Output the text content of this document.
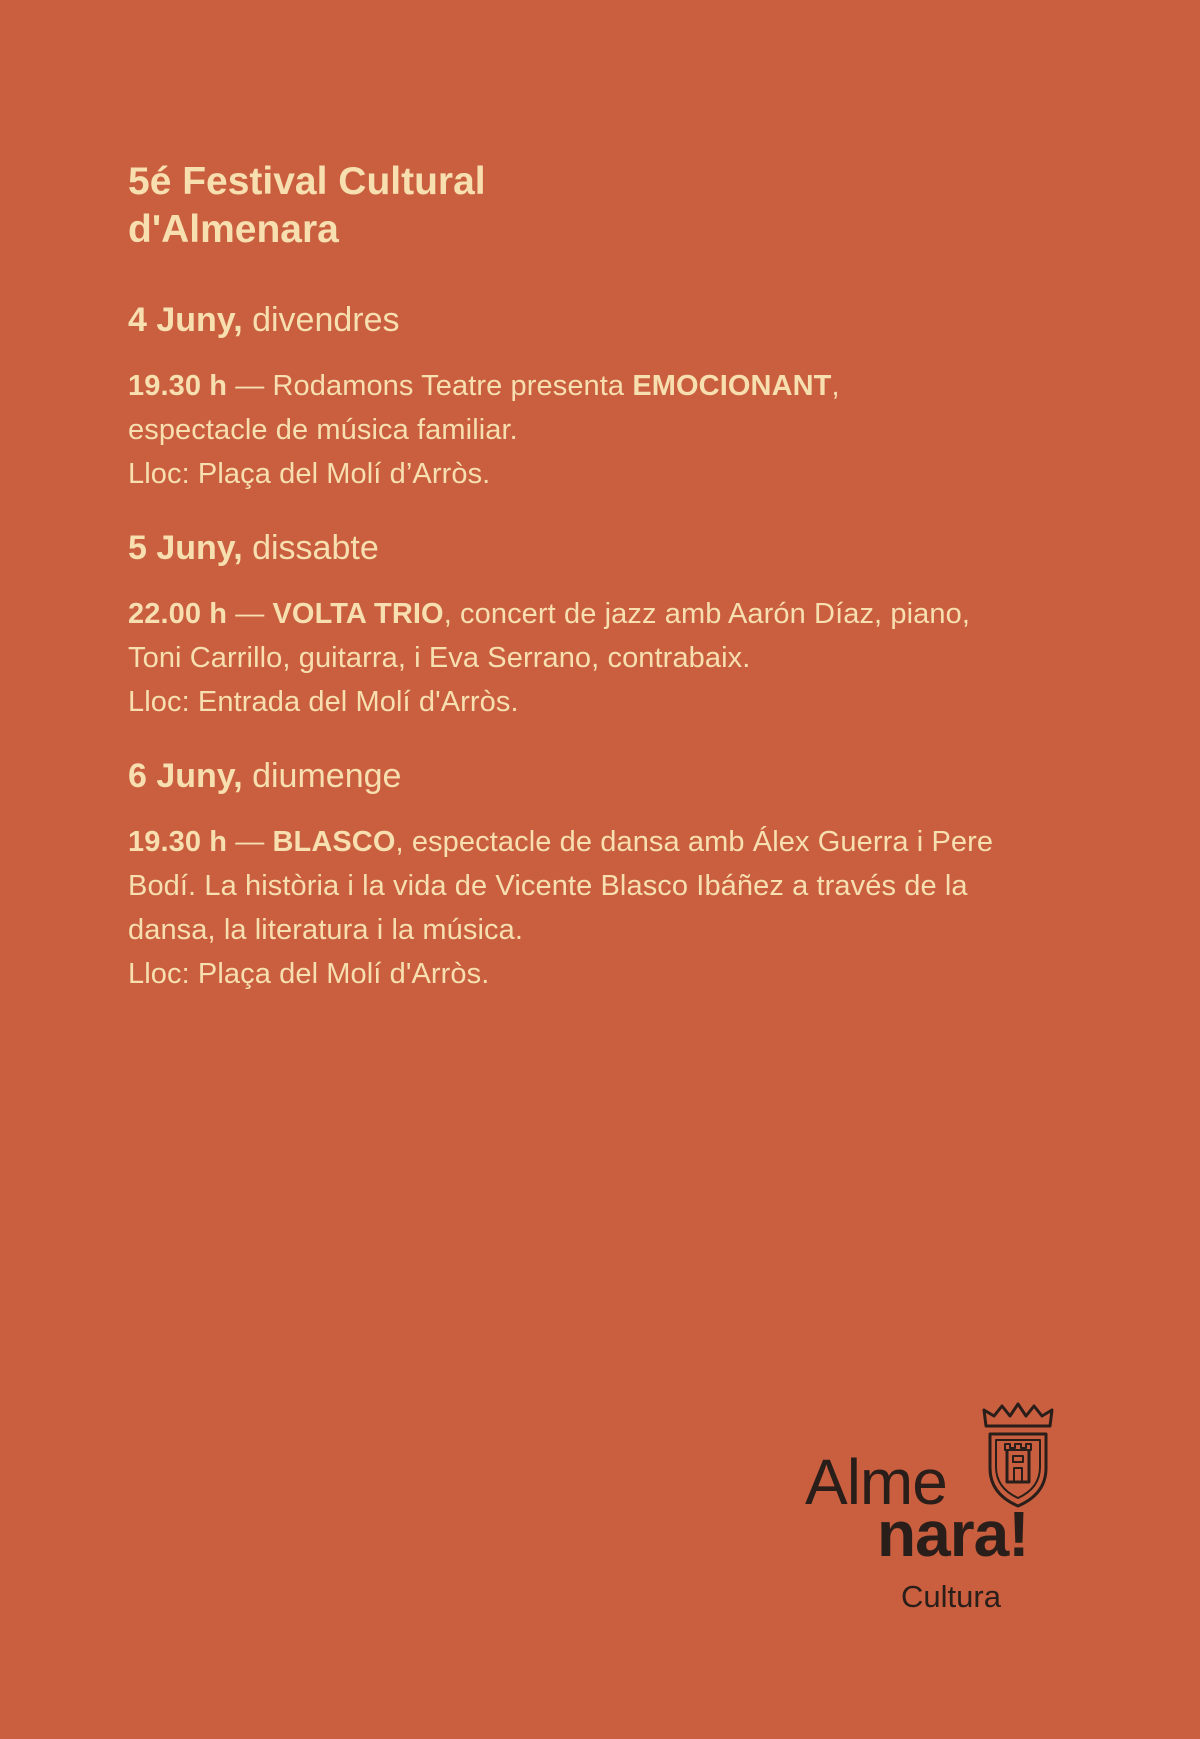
5é Festival Cultural
d'Almenara
4 Juny, divendres
19.30 h — Rodamons Teatre presenta EMOCIONANT,
espectacle de música familiar.
Lloc: Plaça del Molí d’Arròs.
5 Juny, dissabte
22.00 h — VOLTA TRIO, concert de jazz amb Aarón Díaz, piano,
Toni Carrillo, guitarra, i Eva Serrano, contrabaix.
Lloc: Entrada del Molí d'Arròs.
6 Juny, diumenge
19.30 h — BLASCO, espectacle de dansa amb Álex Guerra i Pere
Bodí. La història i la vida de Vicente Blasco Ibáñez a través de la
dansa, la literatura i la música.
Lloc: Plaça del Molí d'Arròs.
Alme
nara!
Cultura
